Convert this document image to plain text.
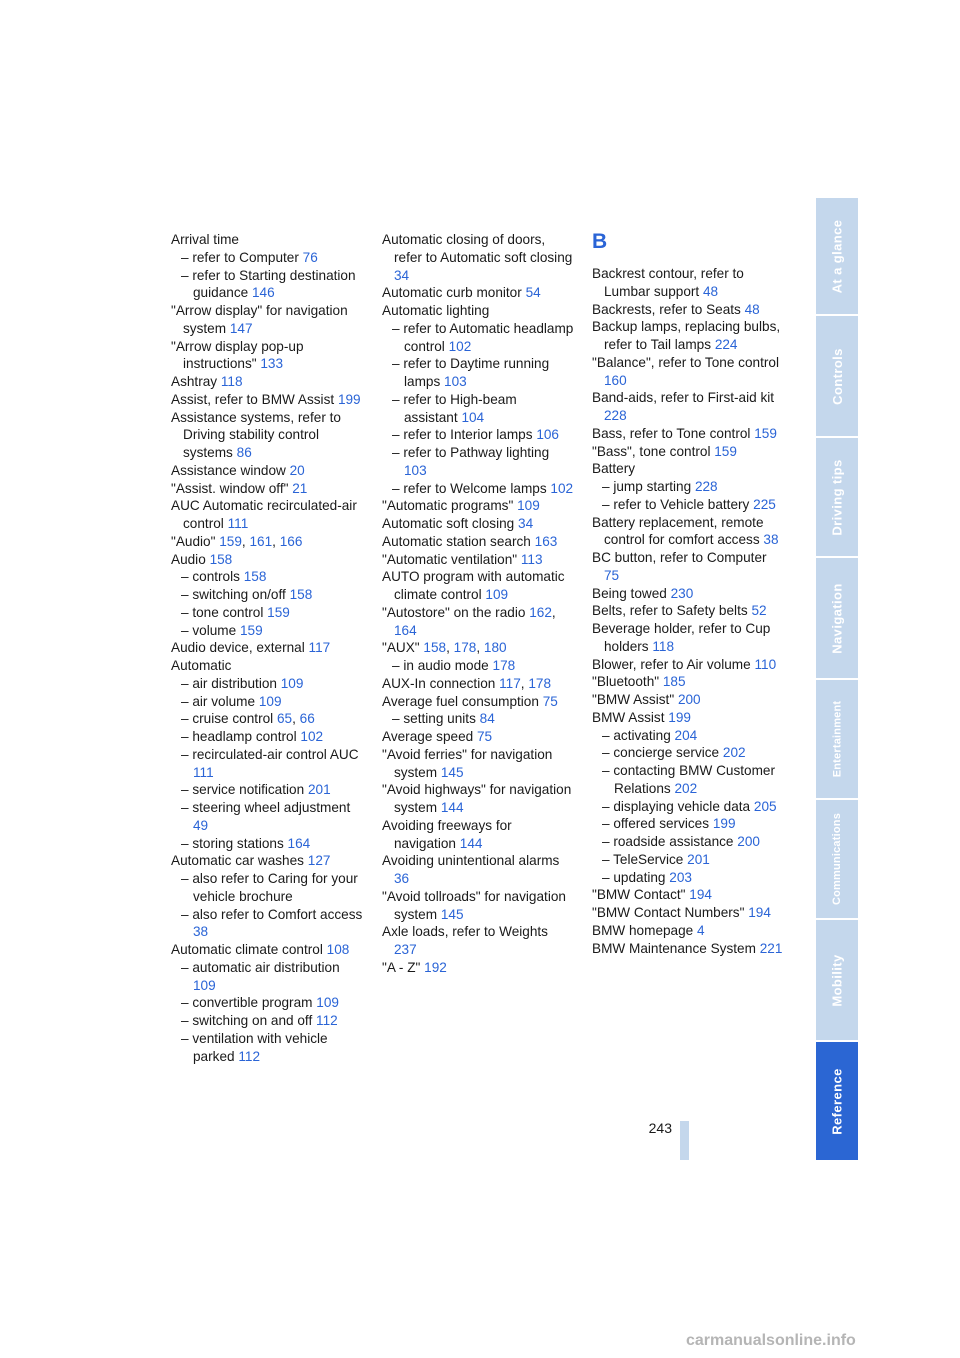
Arrival time

– refer to Computer 76

– refer to Starting destination guidance 146

"Arrow display" for navigation system 147

"Arrow display pop-up instructions" 133

Ashtray 118

Assist, refer to BMW Assist 199

Assistance systems, refer to Driving stability control systems 86

Assistance window 20

"Assist. window off" 21

AUC Automatic recirculated-air control 111

"Audio" 159, 161, 166

Audio 158

– controls 158

– switching on/off 158

– tone control 159

– volume 159

Audio device, external 117

Automatic

– air distribution 109

– air volume 109

– cruise control 65, 66

– headlamp control 102

– recirculated-air control AUC 111

– service notification 201

– steering wheel adjustment 49

– storing stations 164

Automatic car washes 127

– also refer to Caring for your vehicle brochure

– also refer to Comfort access 38

Automatic climate control 108

– automatic air distribution 109

– convertible program 109

– switching on and off 112

– ventilation with vehicle parked 112

Automatic closing of doors, refer to Automatic soft closing 34

Automatic curb monitor 54

Automatic lighting

– refer to Automatic headlamp control 102

– refer to Daytime running lamps 103

– refer to High-beam assistant 104

– refer to Interior lamps 106

– refer to Pathway lighting 103

– refer to Welcome lamps 102

"Automatic programs" 109

Automatic soft closing 34

Automatic station search 163

"Automatic ventilation" 113

AUTO program with automatic climate control 109

"Autostore" on the radio 162, 164

"AUX" 158, 178, 180

– in audio mode 178

AUX-In connection 117, 178

Average fuel consumption 75

– setting units 84

Average speed 75

"Avoid ferries" for navigation system 145

"Avoid highways" for navigation system 144

Avoiding freeways for navigation 144

Avoiding unintentional alarms 36

"Avoid tollroads" for navigation system 145

Axle loads, refer to Weights 237

"A - Z" 192

B

Backrest contour, refer to Lumbar support 48

Backrests, refer to Seats 48

Backup lamps, replacing bulbs, refer to Tail lamps 224

"Balance", refer to Tone control 160

Band-aids, refer to First-aid kit 228

Bass, refer to Tone control 159

"Bass", tone control 159

Battery

– jump starting 228

– refer to Vehicle battery 225

Battery replacement, remote control for comfort access 38

BC button, refer to Computer 75

Being towed 230

Belts, refer to Safety belts 52

Beverage holder, refer to Cup holders 118

Blower, refer to Air volume 110

"Bluetooth" 185

"BMW Assist" 200

BMW Assist 199

– activating 204

– concierge service 202

– contacting BMW Customer Relations 202

– displaying vehicle data 205

– offered services 199

– roadside assistance 200

– TeleService 201

– updating 203

"BMW Contact" 194

"BMW Contact Numbers" 194

BMW homepage 4

BMW Maintenance System 221

At a glance
Controls
Driving tips
Navigation
Entertainment
Communications
Mobility
Reference
243
carmanualsonline.info
